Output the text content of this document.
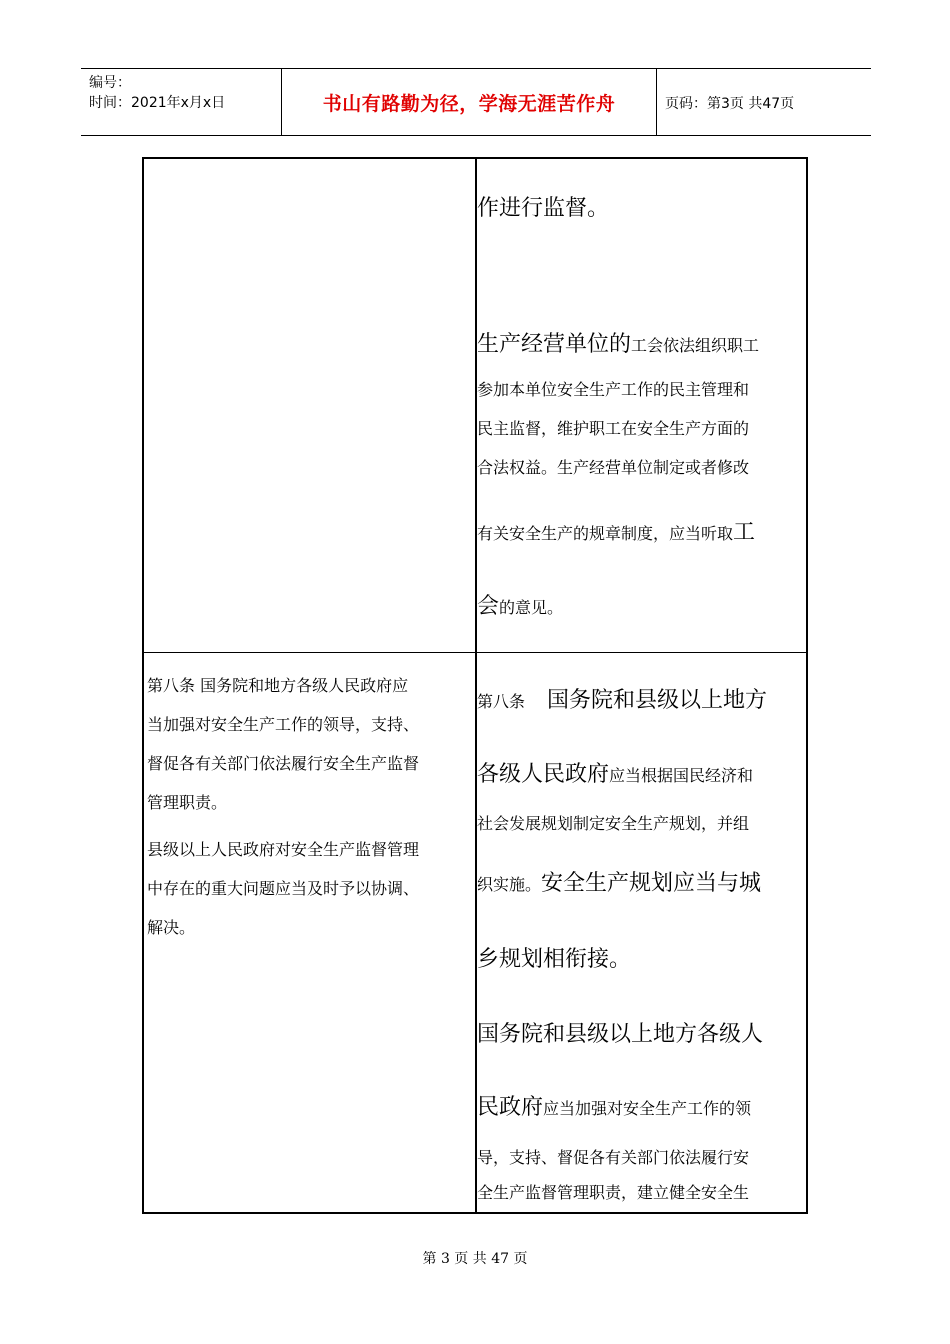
编号：
时间：2021年x月x日	书山有路勤为径，学海无涯苦作舟	页码：第3页 共47页
作进行监督。
生产经营单位的工会依法组织职工
参加本单位安全生产工作的民主管理和
民主监督，维护职工在安全生产方面的
合法权益。生产经营单位制定或者修改
有关安全生产的规章制度，应当听取工
会的意见。
第八条 国务院和地方各级人民政府应
当加强对安全生产工作的领导，支持、
督促各有关部门依法履行安全生产监督
管理职责。
县级以上人民政府对安全生产监督管理
中存在的重大问题应当及时予以协调、
解决。
第八条 国务院和县级以上地方
各级人民政府应当根据国民经济和
社会发展规划制定安全生产规划，并组
织实施。安全生产规划应当与城
乡规划相衔接。
国务院和县级以上地方各级人
民政府应当加强对安全生产工作的领
导，支持、督促各有关部门依法履行安
全生产监督管理职责，建立健全安全生
第 3 页 共 47 页
